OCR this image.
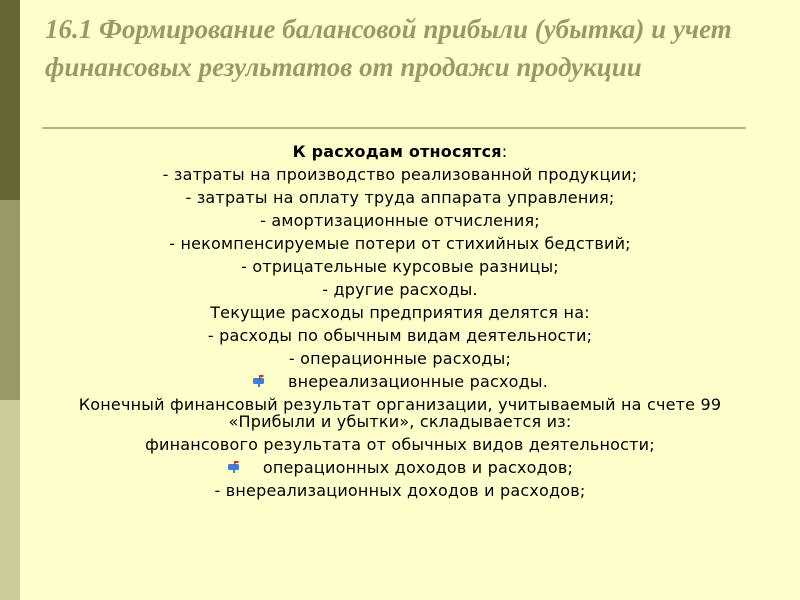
16.1 Формирование балансовой прибыли (убытка) и учет финансовых результатов от продажи продукции
К расходам относятся:
- затраты на производство реализованной продукции;
- затраты на оплату труда аппарата управления;
- амортизационные отчисления;
- некомпенсируемые потери от стихийных бедствий;
- отрицательные курсовые разницы;
- другие расходы.
Текущие расходы предприятия делятся на:
- расходы по обычным видам деятельности;
- операционные расходы;
внереализационные расходы.
Конечный финансовый результат организации, учитываемый на счете 99 «Прибыли и убытки», складывается из:
финансового результата от обычных видов деятельности;
операционных доходов и расходов;
- внереализационных доходов и расходов;
